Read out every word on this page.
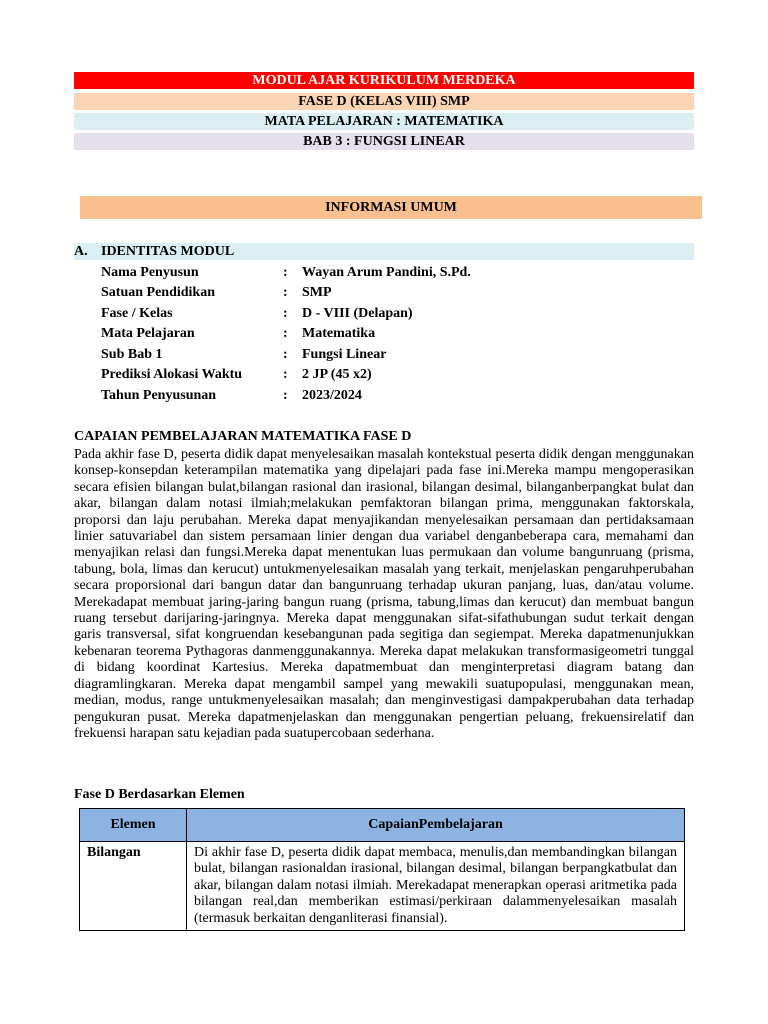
MODUL AJAR KURIKULUM MERDEKA
FASE D (KELAS VIII) SMP
MATA PELAJARAN : MATEMATIKA
BAB 3 : FUNGSI LINEAR
INFORMASI UMUM
A. IDENTITAS MODUL
Nama Penyusun	: Wayan Arum Pandini, S.Pd.
Satuan Pendidikan	: SMP
Fase / Kelas	: D - VIII (Delapan)
Mata Pelajaran	: Matematika
Sub Bab 1	: Fungsi Linear
Prediksi Alokasi Waktu	: 2 JP (45 x2)
Tahun Penyusunan	: 2023/2024
CAPAIAN PEMBELAJARAN MATEMATIKA FASE D

Pada akhir fase D, peserta didik dapat menyelesaikan masalah kontekstual peserta didik dengan menggunakan konsep-konsepdan keterampilan matematika yang dipelajari pada fase ini.Mereka mampu mengoperasikan secara efisien bilangan bulat,bilangan rasional dan irasional, bilangan desimal, bilanganberpangkat bulat dan akar, bilangan dalam notasi ilmiah;melakukan pemfaktoran bilangan prima, menggunakan faktorskala, proporsi dan laju perubahan. Mereka dapat menyajikandan menyelesaikan persamaan dan pertidaksamaan linier satuvariabel dan sistem persamaan linier dengan dua variabel denganbeberapa cara, memahami dan menyajikan relasi dan fungsi.Mereka dapat menentukan luas permukaan dan volume bangunruang (prisma, tabung, bola, limas dan kerucut) untukmenyelesaikan masalah yang terkait, menjelaskan pengaruhperubahan secara proporsional dari bangun datar dan bangunruang terhadap ukuran panjang, luas, dan/atau volume. Merekadapat membuat jaring-jaring bangun ruang (prisma, tabung,limas dan kerucut) dan membuat bangun ruang tersebut darijaring-jaringnya. Mereka dapat menggunakan sifat-sifathubungan sudut terkait dengan garis transversal, sifat kongruendan kesebangunan pada segitiga dan segiempat. Mereka dapatmenunjukkan kebenaran teorema Pythagoras danmenggunakannya. Mereka dapat melakukan transformasigeometri tunggal di bidang koordinat Kartesius. Mereka dapatmembuat dan menginterpretasi diagram batang dan diagramlingkaran. Mereka dapat mengambil sampel yang mewakili suatupopulasi, menggunakan mean, median, modus, range untukmenyelesaikan masalah; dan menginvestigasi dampakperubahan data terhadap pengukuran pusat. Mereka dapatmenjelaskan dan menggunakan pengertian peluang, frekuensirelatif dan frekuensi harapan satu kejadian pada suatupercobaan sederhana.

Fase D Berdasarkan Elemen
Elemen	CapaianPembelajaran
Bilangan	Di akhir fase D, peserta didik dapat membaca, menulis,dan membandingkan bilangan bulat, bilangan rasionaldan irasional, bilangan desimal, bilangan berpangkatbulat dan akar, bilangan dalam notasi ilmiah. Merekadapat menerapkan operasi aritmetika pada bilangan real,dan memberikan estimasi/perkiraan dalammenyelesaikan masalah (termasuk berkaitan denganliterasi finansial).
